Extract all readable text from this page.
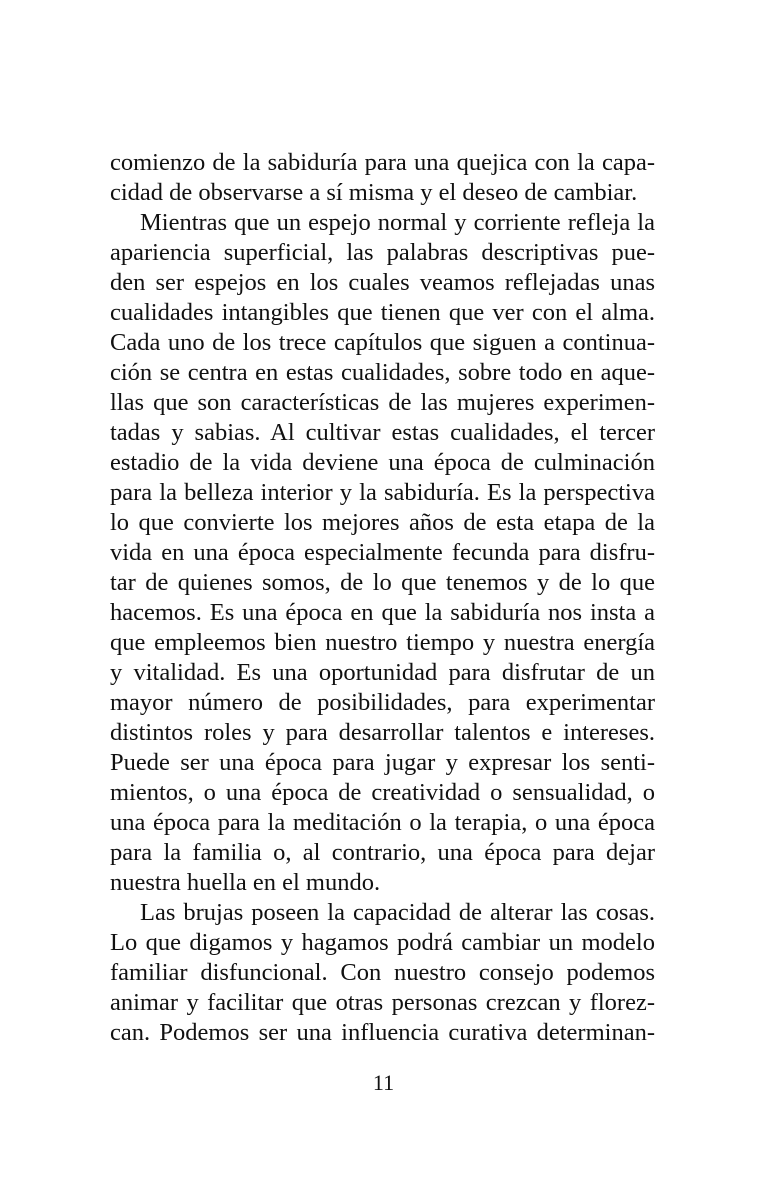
comienzo de la sabiduría para una quejica con la capa-
cidad de observarse a sí misma y el deseo de cambiar.
Mientras que un espejo normal y corriente refleja la
apariencia superficial, las palabras descriptivas pue-
den ser espejos en los cuales veamos reflejadas unas
cualidades intangibles que tienen que ver con el alma.
Cada uno de los trece capítulos que siguen a continua-
ción se centra en estas cualidades, sobre todo en aque-
llas que son características de las mujeres experimen-
tadas y sabias. Al cultivar estas cualidades, el tercer
estadio de la vida deviene una época de culminación
para la belleza interior y la sabiduría. Es la perspectiva
lo que convierte los mejores años de esta etapa de la
vida en una época especialmente fecunda para disfru-
tar de quienes somos, de lo que tenemos y de lo que
hacemos. Es una época en que la sabiduría nos insta a
que empleemos bien nuestro tiempo y nuestra energía
y vitalidad. Es una oportunidad para disfrutar de un
mayor número de posibilidades, para experimentar
distintos roles y para desarrollar talentos e intereses.
Puede ser una época para jugar y expresar los senti-
mientos, o una época de creatividad o sensualidad, o
una época para la meditación o la terapia, o una época
para la familia o, al contrario, una época para dejar
nuestra huella en el mundo.
Las brujas poseen la capacidad de alterar las cosas.
Lo que digamos y hagamos podrá cambiar un modelo
familiar disfuncional. Con nuestro consejo podemos
animar y facilitar que otras personas crezcan y florez-
can. Podemos ser una influencia curativa determinan-
11
